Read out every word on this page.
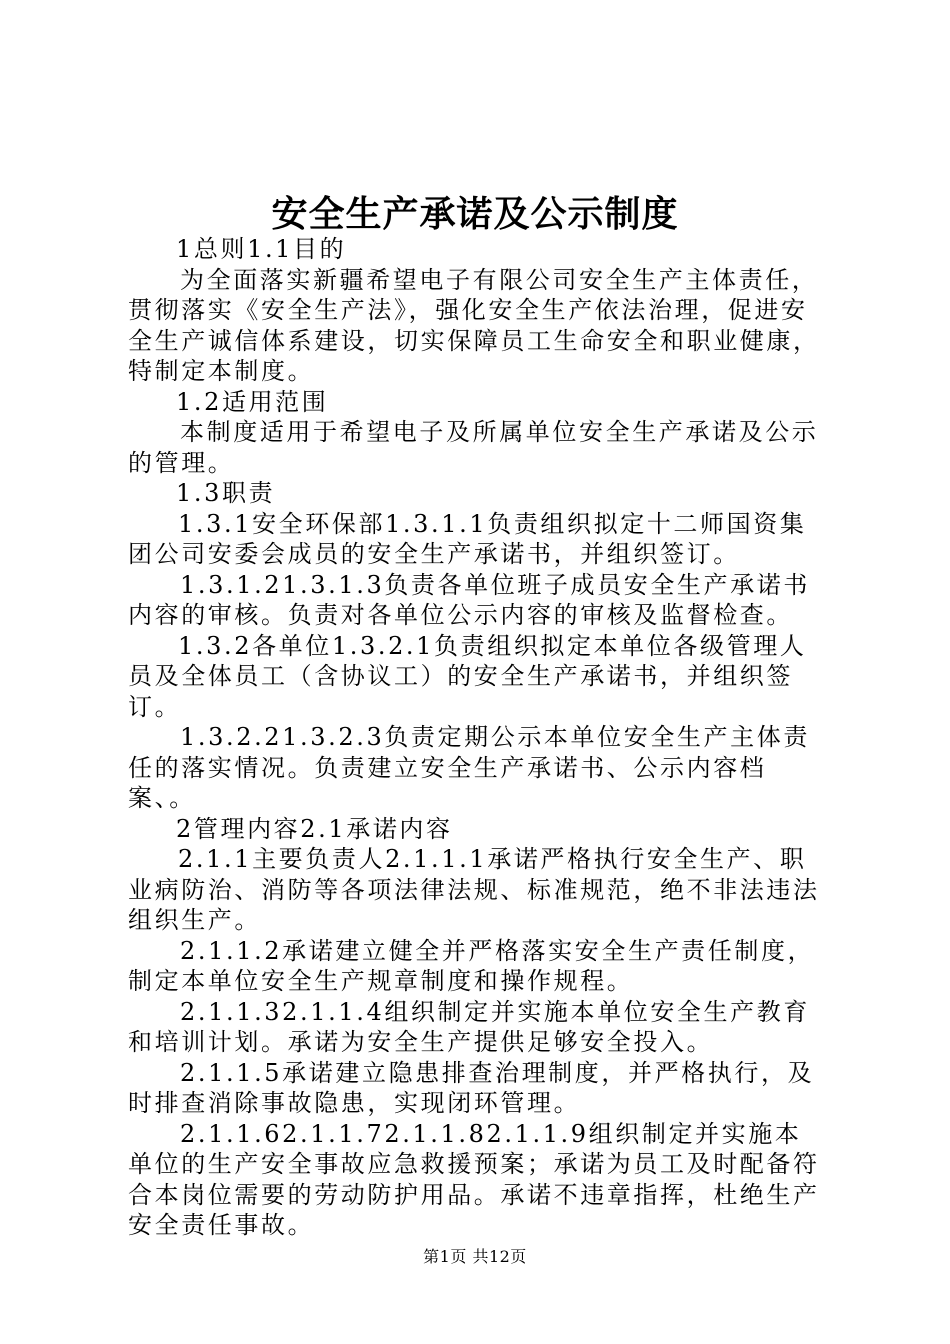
安全生产承诺及公示制度

1总则1.1目的

为全面落实新疆希望电子有限公司安全生产主体责任，贯彻落实《安全生产法》，强化安全生产依法治理，促进安全生产诚信体系建设，切实保障员工生命安全和职业健康，特制定本制度。

1.2适用范围

本制度适用于希望电子及所属单位安全生产承诺及公示的管理。

1.3职责

1.3.1安全环保部1.3.1.1负责组织拟定十二师国资集团公司安委会成员的安全生产承诺书，并组织签订。

1.3.1.21.3.1.3负责各单位班子成员安全生产承诺书内容的审核。负责对各单位公示内容的审核及监督检查。

1.3.2各单位1.3.2.1负责组织拟定本单位各级管理人员及全体员工（含协议工）的安全生产承诺书，并组织签订。

1.3.2.21.3.2.3负责定期公示本单位安全生产主体责任的落实情况。负责建立安全生产承诺书、公示内容档案、。

2管理内容2.1承诺内容

2.1.1主要负责人2.1.1.1承诺严格执行安全生产、职业病防治、消防等各项法律法规、标准规范，绝不非法违法组织生产。

2.1.1.2承诺建立健全并严格落实安全生产责任制度，制定本单位安全生产规章制度和操作规程。

2.1.1.32.1.1.4组织制定并实施本单位安全生产教育和培训计划。承诺为安全生产提供足够安全投入。

2.1.1.5承诺建立隐患排查治理制度，并严格执行，及时排查消除事故隐患，实现闭环管理。

2.1.1.62.1.1.72.1.1.82.1.1.9组织制定并实施本单位的生产安全事故应急救援预案；承诺为员工及时配备符合本岗位需要的劳动防护用品。承诺不违章指挥，杜绝生产安全责任事故。

第1页 共12页
